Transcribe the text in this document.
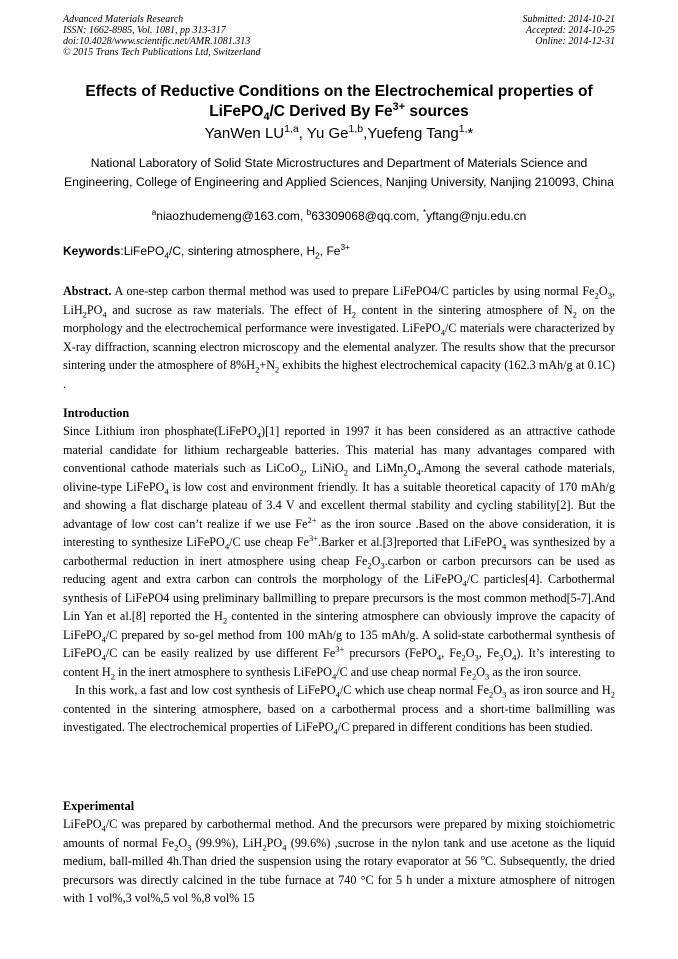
Advanced Materials Research
ISSN: 1662-8985, Vol. 1081, pp 313-317
doi:10.4028/www.scientific.net/AMR.1081.313
© 2015 Trans Tech Publications Ltd, Switzerland
Submitted: 2014-10-21
Accepted: 2014-10-25
Online: 2014-12-31
Effects of Reductive Conditions on the Electrochemical properties of
LiFePO$_4$/C Derived By $Fe^{3+}$ sources
YanWen LU$^{1,a}$, Yu Ge$^{1,b}$,Yuefeng Tang$^{1,}$*
National Laboratory of Solid State Microstructures and Department of Materials Science and Engineering, College of Engineering and Applied Sciences, Nanjing University, Nanjing 210093, China
$^a$niaozhudemeng@163.com, $^b$63309068@qq.com, *yftang@nju.edu.cn
Keywords:LiFePO$_4$/C, sintering atmosphere, $H_2$, $Fe^{3+}$
Abstract. A one-step carbon thermal method was used to prepare LiFePO4/C particles by using normal $Fe_2O_3$, $LiH_2PO_4$ and sucrose as raw materials. The effect of $H_2$ content in the sintering atmosphere of $N_2$ on the morphology and the electrochemical performance were investigated. LiFePO$_4$/C materials were characterized by X-ray diffraction, scanning electron microscopy and the elemental analyzer. The results show that the precursor sintering under the atmosphere of $8\%H_2+N_2$ exhibits the highest electrochemical capacity (162.3 mAh/g at 0.1C) .
Introduction

Since Lithium iron phosphate(LiFePO$_4$)[1] reported in 1997 it has been considered as an attractive cathode material candidate for lithium rechargeable batteries. This material has many advantages compared with conventional cathode materials such as LiCoO$_2$, LiNiO$_2$ and $LiMn_2O_4.Among$ the several cathode materials, olivine-type LiFePO$_4$ is low cost and environment friendly. It has a suitable theoretical capacity of 170 mAh/g and showing a flat discharge plateau of 3.4 V and excellent thermal stability and cycling stability[2]. But the advantage of low cost can’t realize if we use $Fe^{2+}$ as the iron source .Based on the above consideration, it is interesting to synthesize LiFePO$_4$/C use cheap $Fe^{3+}.Barker$ et al.[3]reported that LiFePO$_4$ was synthesized by a carbothermal reduction in inert atmosphere using cheap $Fe_2O_3.carbon$ or carbon precursors can be used as reducing agent and extra carbon can controls the morphology of the LiFePO$_4$/C particles[4]. Carbothermal synthesis of LiFePO4 using preliminary ballmilling to prepare precursors is the most common method[5-7].And Lin Yan et al.[8] reported the $H_2$ contented in the sintering atmosphere can obviously improve the capacity of LiFePO$_4$/C prepared by so-gel method from 100 mAh/g to 135 mAh/g. A solid-state carbothermal synthesis of LiFePO$_4$/C can be easily realized by use different $Fe^{3+}$ precursors (FePO$_4$, $Fe_2O_3$, $Fe_3O_4$). It’s interesting to content $H_2$ in the inert atmosphere to synthesis LiFePO$_4$/C and use cheap normal $Fe_2O_3$ as the iron source.

In this work, a fast and low cost synthesis of LiFePO$_4$/C which use cheap normal $Fe_2O_3$ as iron source and $H_2$ contented in the sintering atmosphere, based on a carbothermal process and a short-time ballmilling was investigated. The electrochemical properties of LiFePO$_4$/C prepared in different conditions has been studied.

Experimental
LiFePO$_4$/C was prepared by carbothermal method. And the precursors were prepared by mixing stoichiometric amounts of normal $Fe_2O_3$ (99.9%), $LiH_2PO_4$ (99.6%) ,sucrose in the nylon tank and use acetone as the liquid medium, ball-milled 4h.Than dried the suspension using the rotary evaporator at 56 $^o$C. Subsequently, the dried precursors was directly calcined in the tube furnace at 740 °C for 5 h under a mixture atmosphere of nitrogen with 1 vol%,3 vol%,5 vol %,8 vol% 15
